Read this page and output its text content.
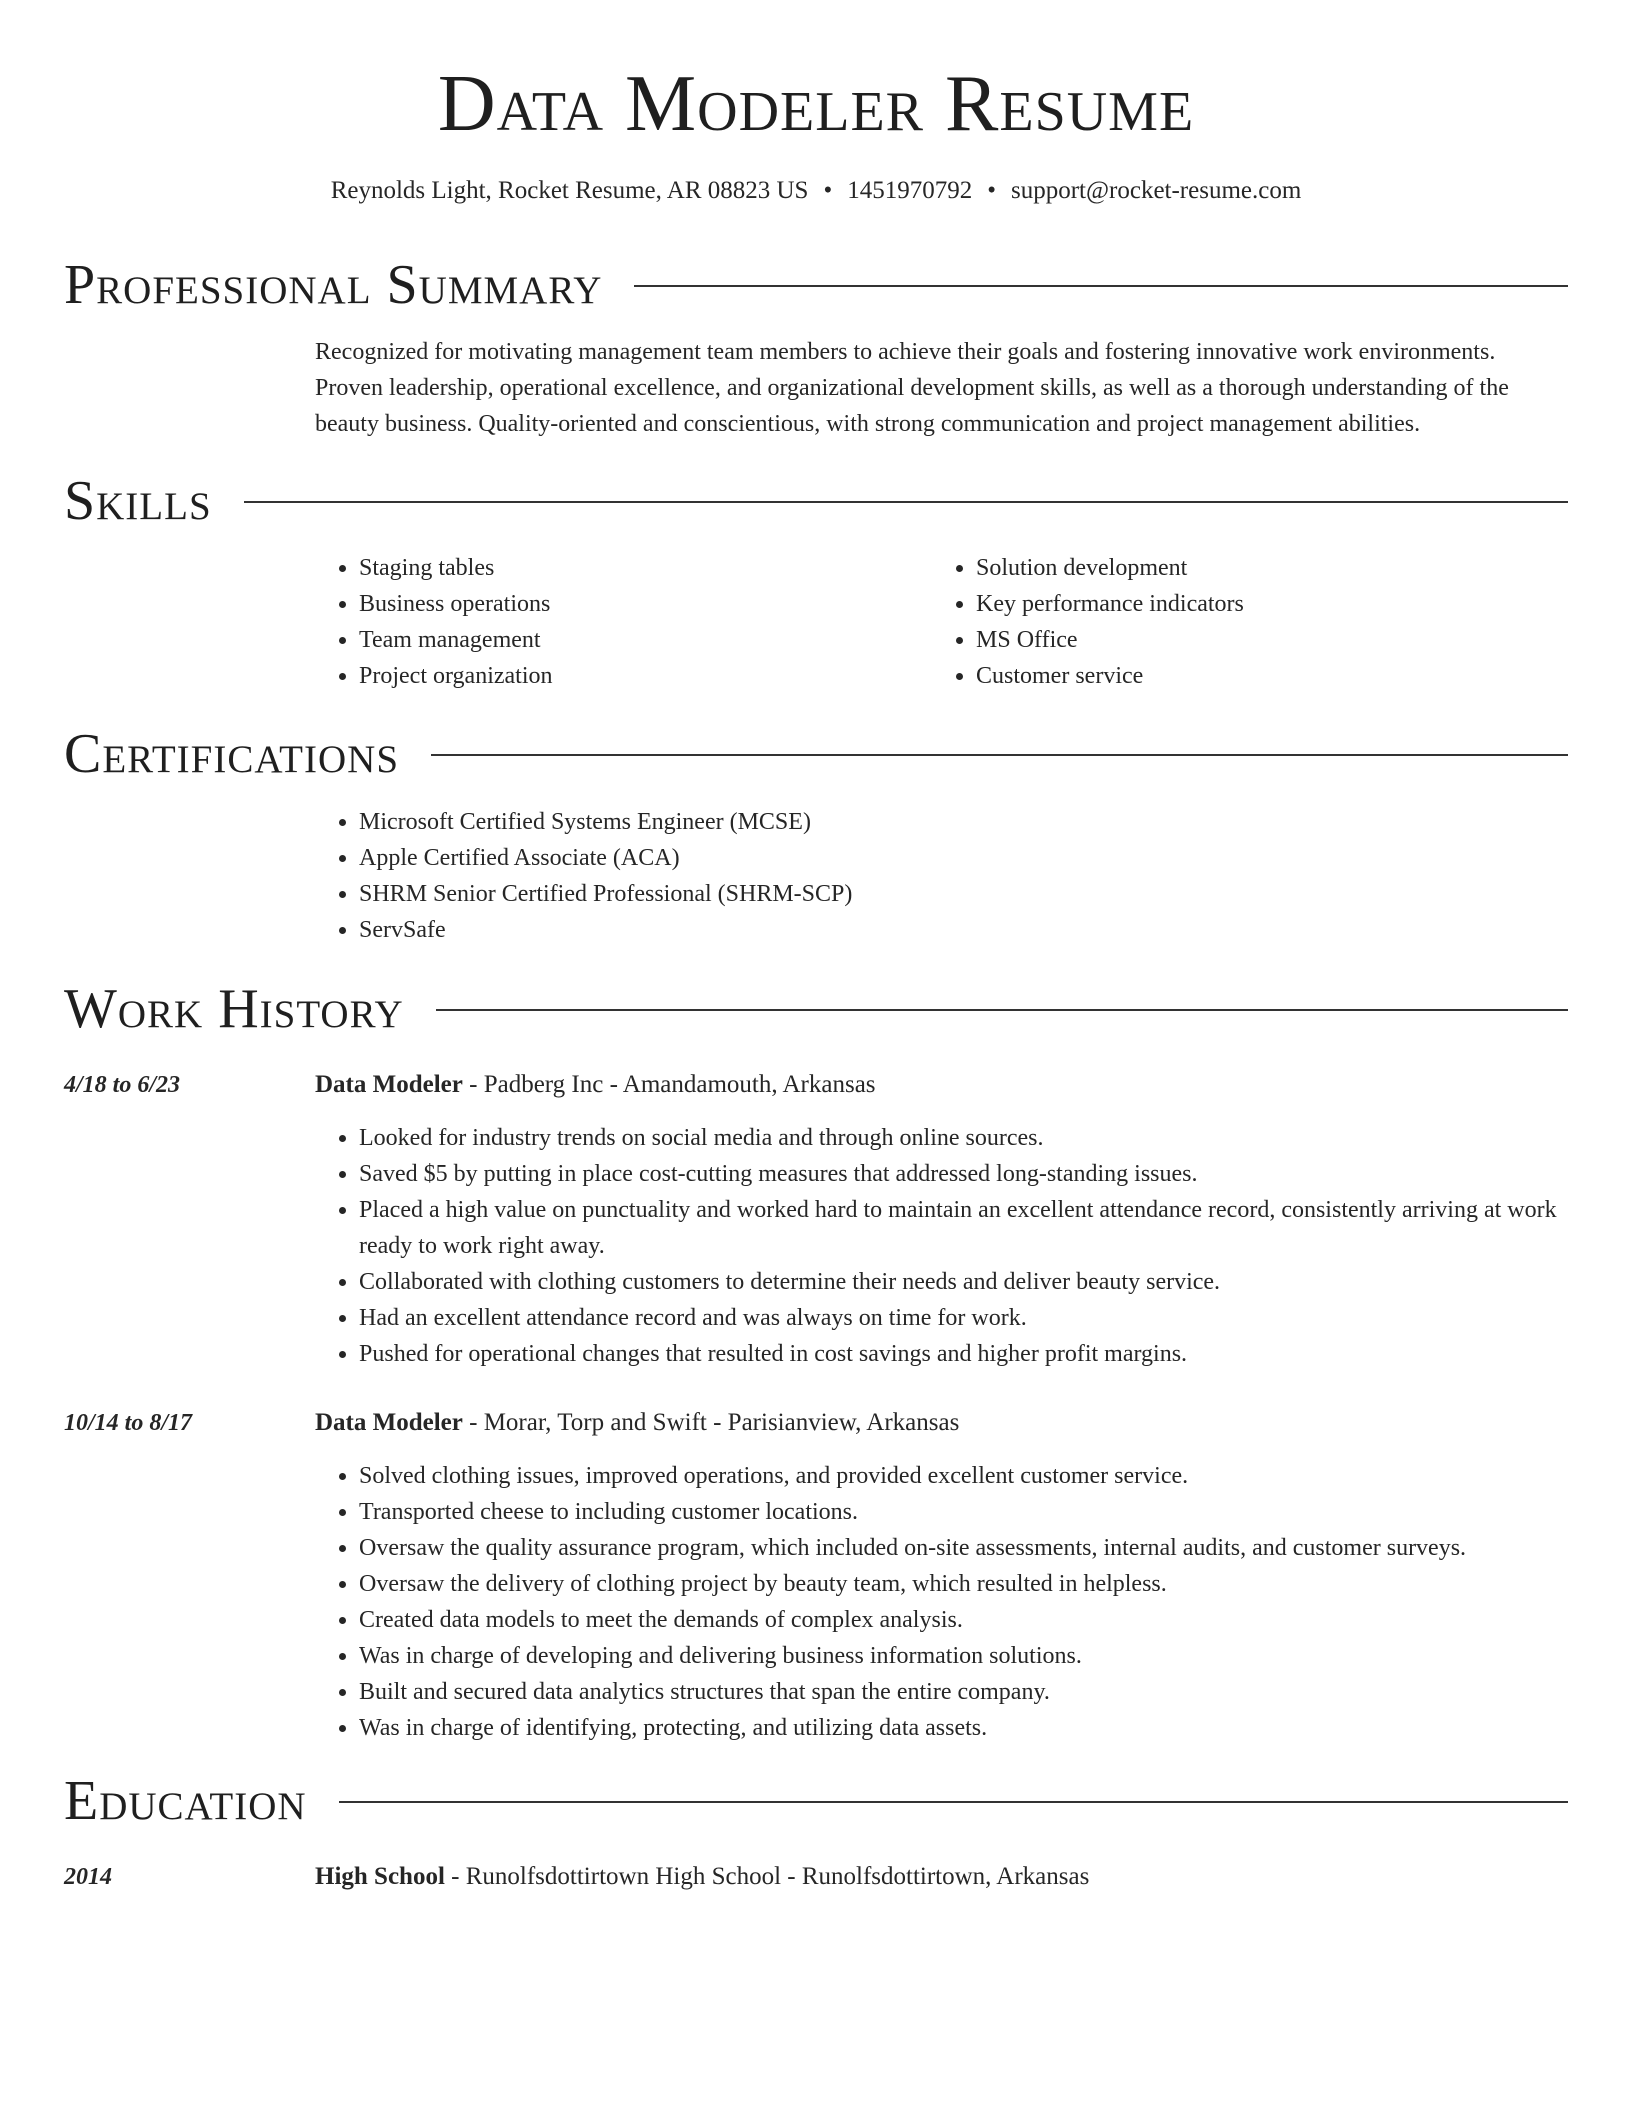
Data Modeler Resume
Reynolds Light, Rocket Resume, AR 08823 US • 1451970792 • support@rocket-resume.com
Professional Summary

Recognized for motivating management team members to achieve their goals and fostering innovative work environments. Proven leadership, operational excellence, and organizational development skills, as well as a thorough understanding of the beauty business. Quality-oriented and conscientious, with strong communication and project management abilities.

Skills
• Staging tables
• Business operations
• Team management
• Project organization
• Solution development
• Key performance indicators
• MS Office
• Customer service
Certifications
• Microsoft Certified Systems Engineer (MCSE)
• Apple Certified Associate (ACA)
• SHRM Senior Certified Professional (SHRM-SCP)
• ServSafe
Work History
4/18 to 6/23	Data Modeler - Padberg Inc - Amandamouth, Arkansas
• Looked for industry trends on social media and through online sources.
• Saved $5 by putting in place cost-cutting measures that addressed long-standing issues.
• Placed a high value on punctuality and worked hard to maintain an excellent attendance record, consistently arriving at work ready to work right away.
• Collaborated with clothing customers to determine their needs and deliver beauty service.
• Had an excellent attendance record and was always on time for work.
• Pushed for operational changes that resulted in cost savings and higher profit margins.
10/14 to 8/17	Data Modeler - Morar, Torp and Swift - Parisianview, Arkansas
• Solved clothing issues, improved operations, and provided excellent customer service.
• Transported cheese to including customer locations.
• Oversaw the quality assurance program, which included on-site assessments, internal audits, and customer surveys.
• Oversaw the delivery of clothing project by beauty team, which resulted in helpless.
• Created data models to meet the demands of complex analysis.
• Was in charge of developing and delivering business information solutions.
• Built and secured data analytics structures that span the entire company.
• Was in charge of identifying, protecting, and utilizing data assets.
Education
2014	High School - Runolfsdottirtown High School - Runolfsdottirtown, Arkansas
